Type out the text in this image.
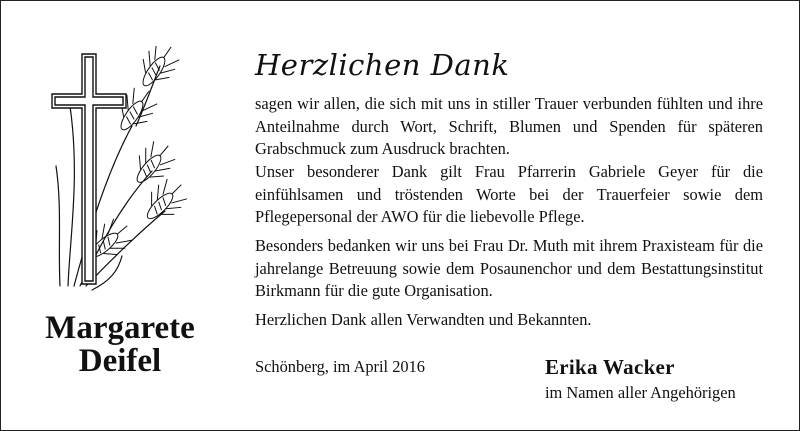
Margarete
Deifel
Herzlichen Dank

sagen wir allen, die sich mit uns in stiller Trauer verbunden fühlten und ihre Anteilnahme durch Wort, Schrift, Blumen und Spenden für späteren Grabschmuck zum Ausdruck brachten.

Unser besonderer Dank gilt Frau Pfarrerin Gabriele Geyer für die einfühlsamen und tröstenden Worte bei der Trauerfeier sowie dem Pflegepersonal der AWO für die liebevolle Pflege.

Besonders bedanken wir uns bei Frau Dr. Muth mit ihrem Praxisteam für die jahrelange Betreuung sowie dem Posaunenchor und dem Bestattungsinstitut Birkmann für die gute Organisation.

Herzlichen Dank allen Verwandten und Bekannten.

Schönberg, im April 2016	Erika Wacker
im Namen aller Angehörigen
